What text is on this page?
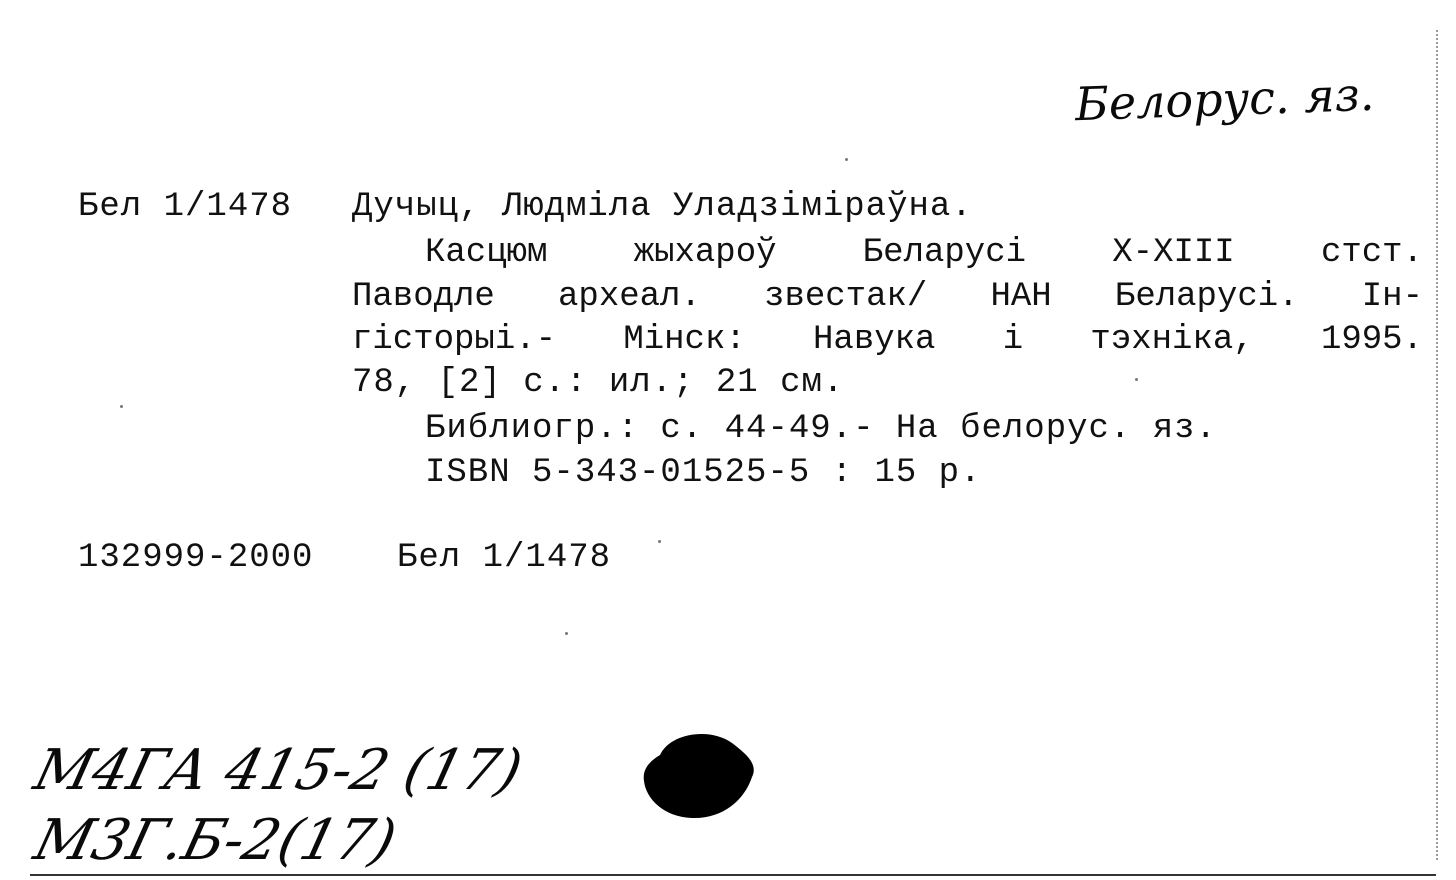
Белорус. яз.
Бел 1/1478 Дучыц, Людміла Уладзіміраўна.
Касцюм	жыхароў	Беларусі	X-XIII	стст.
Паводле археал. звестак/ НАН Беларусі. Ін-
гісторыі.- Мінск: Навука і тэхніка, 1995.
78, [2] с.: ил.; 21 см.
Библиогр.: с. 44-49.- На белорус. яз.
ISBN 5-343-01525-5 : 15 р.
132999-2000 Бел 1/1478
М4ГА 415-2 (17)
М3Г.Б-2(17)
